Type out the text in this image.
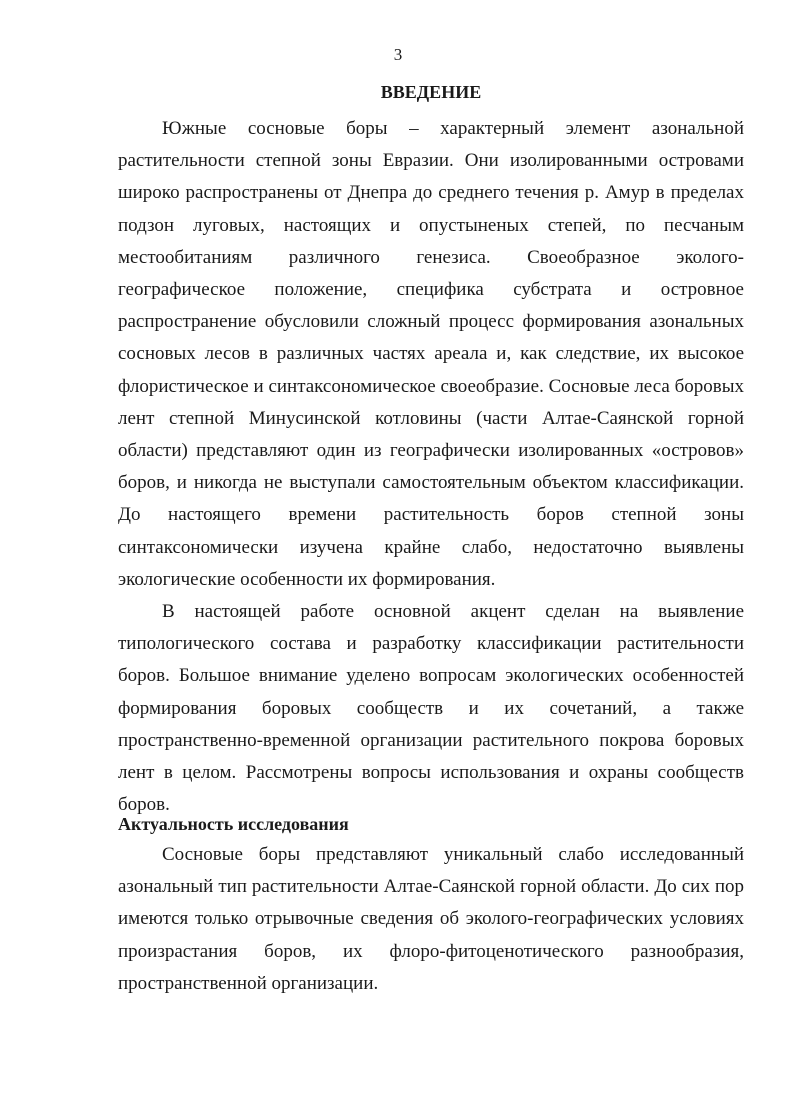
3
ВВЕДЕНИЕ

Южные сосновые боры – характерный элемент азональной растительности степной зоны Евразии. Они изолированными островами широко распространены от Днепра до среднего течения р. Амур в пределах подзон луговых, настоящих и опустыненых степей, по песчаным местообитаниям различного генезиса. Своеобразное эколого-географическое положение, специфика субстрата и островное распространение обусловили сложный процесс формирования азональных сосновых лесов в различных частях ареала и, как следствие, их высокое флористическое и синтаксономическое своеобразие. Сосновые леса боровых лент степной Минусинской котловины (части Алтае-Саянской горной области) представляют один из географически изолированных «островов» боров, и никогда не выступали самостоятельным объектом классификации. До настоящего времени растительность боров степной зоны синтаксономически изучена крайне слабо, недостаточно выявлены экологические особенности их формирования.

В настоящей работе основной акцент сделан на выявление типологического состава и разработку классификации растительности боров. Большое внимание уделено вопросам экологических особенностей формирования боровых сообществ и их сочетаний, а также пространственно-временной организации растительного покрова боровых лент в целом. Рассмотрены вопросы использования и охраны сообществ боров.

Актуальность исследования

Сосновые боры представляют уникальный слабо исследованный азональный тип растительности Алтае-Саянской горной области. До сих пор имеются только отрывочные сведения об эколого-географических условиях произрастания боров, их флоро-фитоценотического разнообразия, пространственной организации.
